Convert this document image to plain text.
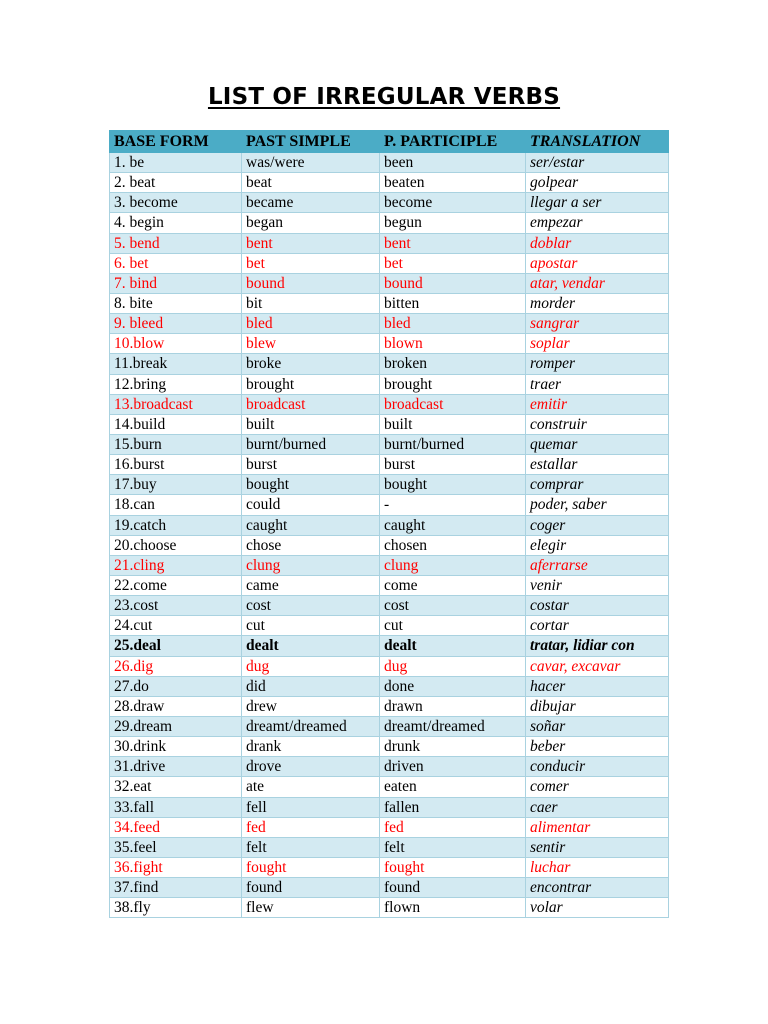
LIST OF IRREGULAR VERBS
BASE FORM	PAST SIMPLE	P. PARTICIPLE	TRANSLATION
1. be	was/were	been	ser/estar
2. beat	beat	beaten	golpear
3. become	became	become	llegar a ser
4. begin	began	begun	empezar
5. bend	bent	bent	doblar
6. bet	bet	bet	apostar
7. bind	bound	bound	atar, vendar
8. bite	bit	bitten	morder
9. bleed	bled	bled	sangrar
10.blow	blew	blown	soplar
11.break	broke	broken	romper
12.bring	brought	brought	traer
13.broadcast	broadcast	broadcast	emitir
14.build	built	built	construir
15.burn	burnt/burned	burnt/burned	quemar
16.burst	burst	burst	estallar
17.buy	bought	bought	comprar
18.can	could	-	poder, saber
19.catch	caught	caught	coger
20.choose	chose	chosen	elegir
21.cling	clung	clung	aferrarse
22.come	came	come	venir
23.cost	cost	cost	costar
24.cut	cut	cut	cortar
25.deal	dealt	dealt	tratar, lidiar con
26.dig	dug	dug	cavar, excavar
27.do	did	done	hacer
28.draw	drew	drawn	dibujar
29.dream	dreamt/dreamed	dreamt/dreamed	soñar
30.drink	drank	drunk	beber
31.drive	drove	driven	conducir
32.eat	ate	eaten	comer
33.fall	fell	fallen	caer
34.feed	fed	fed	alimentar
35.feel	felt	felt	sentir
36.fight	fought	fought	luchar
37.find	found	found	encontrar
38.fly	flew	flown	volar
